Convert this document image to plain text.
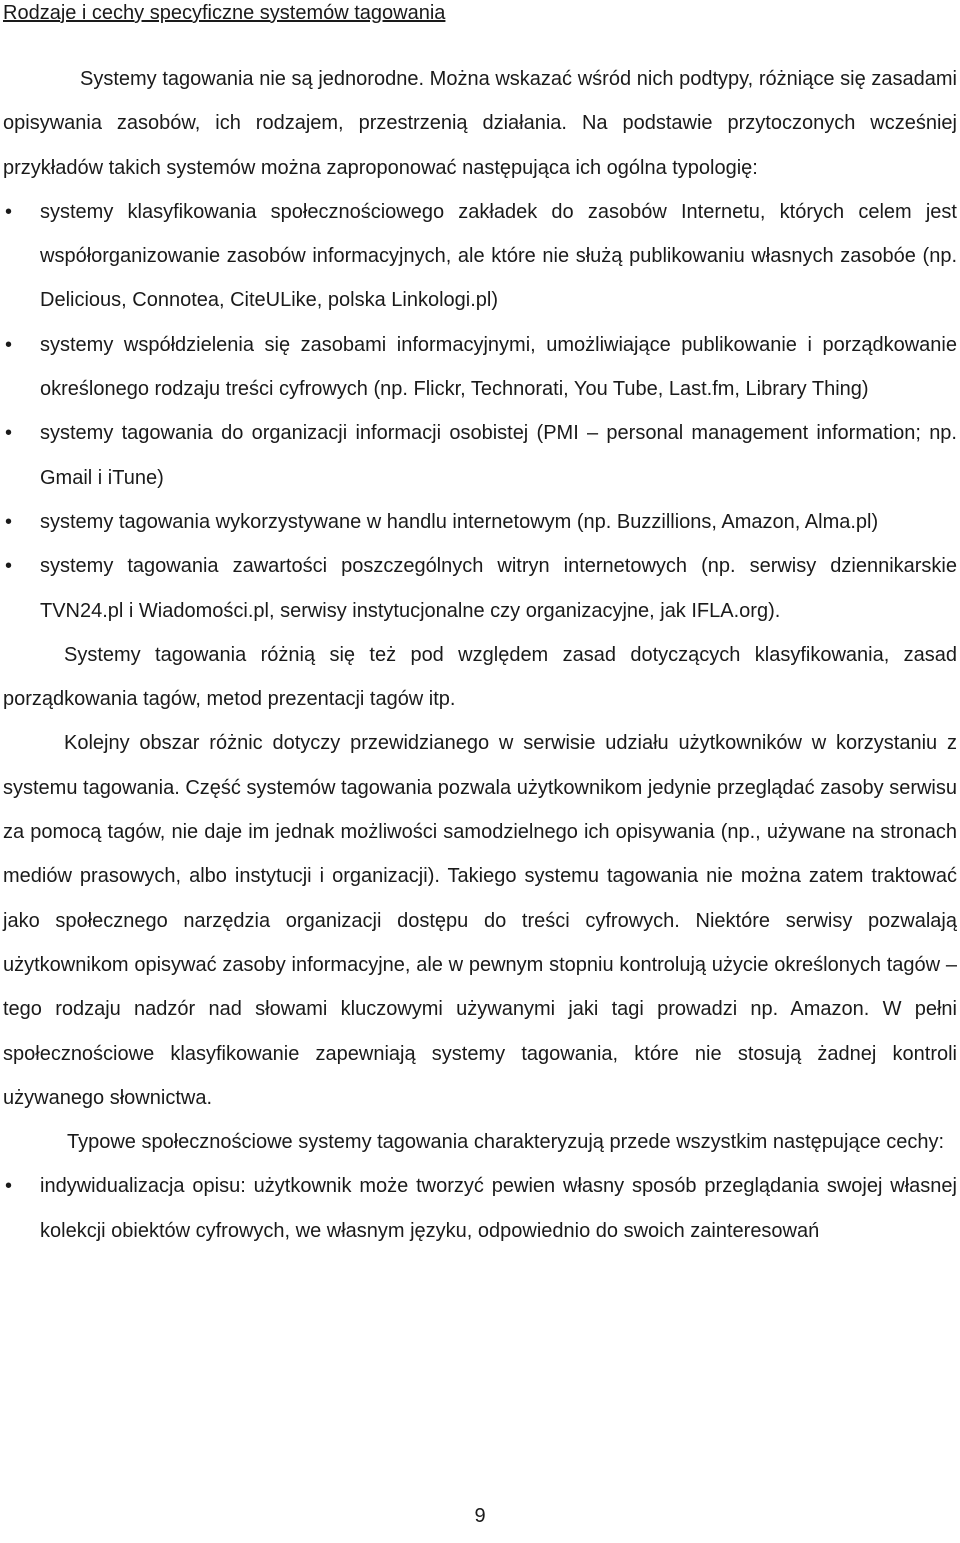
Rodzaje i cechy specyficzne systemów tagowania

Systemy tagowania nie są jednorodne. Można wskazać wśród nich podtypy, różniące się zasadami opisywania zasobów, ich rodzajem, przestrzenią działania. Na podstawie przytoczonych wcześniej przykładów takich systemów można zaproponować następująca ich ogólna typologię:

• systemy klasyfikowania społecznościowego zakładek do zasobów Internetu, których celem jest współorganizowanie zasobów informacyjnych, ale które nie służą publikowaniu własnych zasobóe (np. Delicious, Connotea, CiteULike, polska Linkologi.pl)
• systemy współdzielenia się zasobami informacyjnymi, umożliwiające publikowanie i porządkowanie określonego rodzaju treści cyfrowych (np. Flickr, Technorati, You Tube, Last.fm, Library Thing)
• systemy tagowania do organizacji informacji osobistej (PMI – personal management information; np. Gmail i iTune)
• systemy tagowania wykorzystywane w handlu internetowym (np. Buzzillions, Amazon, Alma.pl)
• systemy tagowania zawartości poszczególnych witryn internetowych (np. serwisy dziennikarskie TVN24.pl i Wiadomości.pl, serwisy instytucjonalne czy organizacyjne, jak IFLA.org).

Systemy tagowania różnią się też pod względem zasad dotyczących klasyfikowania, zasad porządkowania tagów, metod prezentacji tagów itp.

Kolejny obszar różnic dotyczy przewidzianego w serwisie udziału użytkowników w korzystaniu z systemu tagowania. Część systemów tagowania pozwala użytkownikom jedynie przeglądać zasoby serwisu za pomocą tagów, nie daje im jednak możliwości samodzielnego ich opisywania (np., używane na stronach mediów prasowych, albo instytucji i organizacji). Takiego systemu tagowania nie można zatem traktować jako społecznego narzędzia organizacji dostępu do treści cyfrowych. Niektóre serwisy pozwalają użytkownikom opisywać zasoby informacyjne, ale w pewnym stopniu kontrolują użycie określonych tagów – tego rodzaju nadzór nad słowami kluczowymi używanymi jaki tagi prowadzi np. Amazon. W pełni społecznościowe klasyfikowanie zapewniają systemy tagowania, które nie stosują żadnej kontroli używanego słownictwa.

Typowe społecznościowe systemy tagowania charakteryzują przede wszystkim następujące cechy:

• indywidualizacja opisu: użytkownik może tworzyć pewien własny sposób przeglądania swojej własnej kolekcji obiektów cyfrowych, we własnym języku, odpowiednio do swoich zainteresowań
9
